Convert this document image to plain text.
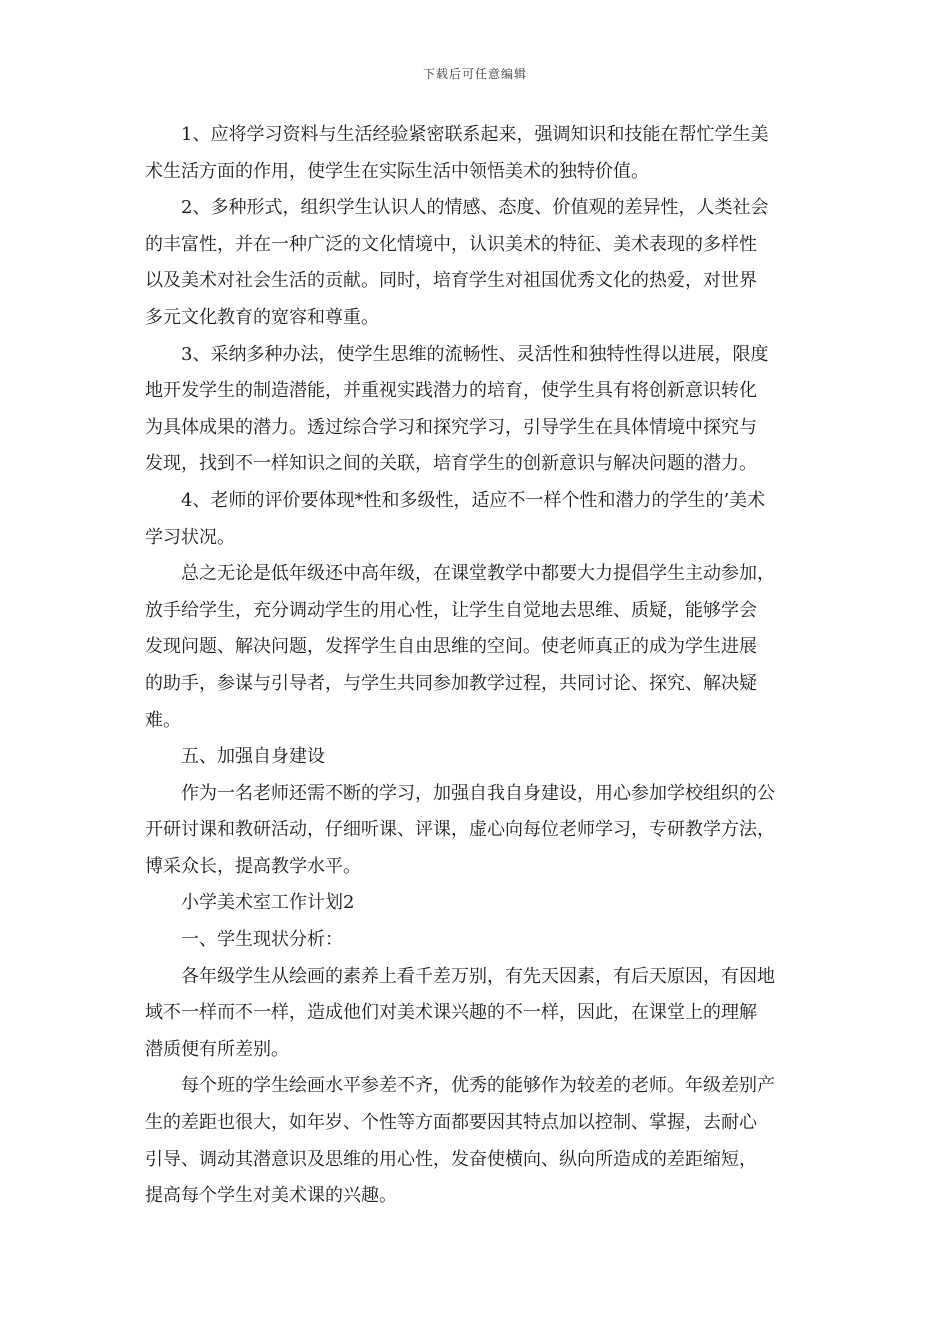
下载后可任意编辑

1、应将学习资料与生活经验紧密联系起来，强调知识和技能在帮忙学生美
术生活方面的作用，使学生在实际生活中领悟美术的独特价值。

2、多种形式，组织学生认识人的情感、态度、价值观的差异性，人类社会
的丰富性，并在一种广泛的文化情境中，认识美术的特征、美术表现的多样性
以及美术对社会生活的贡献。同时，培育学生对祖国优秀文化的热爱，对世界
多元文化教育的宽容和尊重。

3、采纳多种办法，使学生思维的流畅性、灵活性和独特性得以进展，限度
地开发学生的制造潜能，并重视实践潜力的培育，使学生具有将创新意识转化
为具体成果的潜力。透过综合学习和探究学习，引导学生在具体情境中探究与
发现，找到不一样知识之间的关联，培育学生的创新意识与解决问题的潜力。

4、老师的评价要体现*性和多级性，适应不一样个性和潜力的学生的’美术
学习状况。

总之无论是低年级还中高年级，在课堂教学中都要大力提倡学生主动参加，
放手给学生，充分调动学生的用心性，让学生自觉地去思维、质疑，能够学会
发现问题、解决问题，发挥学生自由思维的空间。使老师真正的成为学生进展
的助手，参谋与引导者，与学生共同参加教学过程，共同讨论、探究、解决疑
难。

五、加强自身建设

作为一名老师还需不断的学习，加强自我自身建设，用心参加学校组织的公
开研讨课和教研活动，仔细听课、评课，虚心向每位老师学习，专研教学方法，
博采众长，提高教学水平。

小学美术室工作计划2

一、学生现状分析：

各年级学生从绘画的素养上看千差万别，有先天因素，有后天原因，有因地
域不一样而不一样，造成他们对美术课兴趣的不一样，因此，在课堂上的理解
潜质便有所差别。

每个班的学生绘画水平参差不齐，优秀的能够作为较差的老师。年级差别产
生的差距也很大，如年岁、个性等方面都要因其特点加以控制、掌握，去耐心
引导、调动其潜意识及思维的用心性，发奋使横向、纵向所造成的差距缩短，
提高每个学生对美术课的兴趣。
